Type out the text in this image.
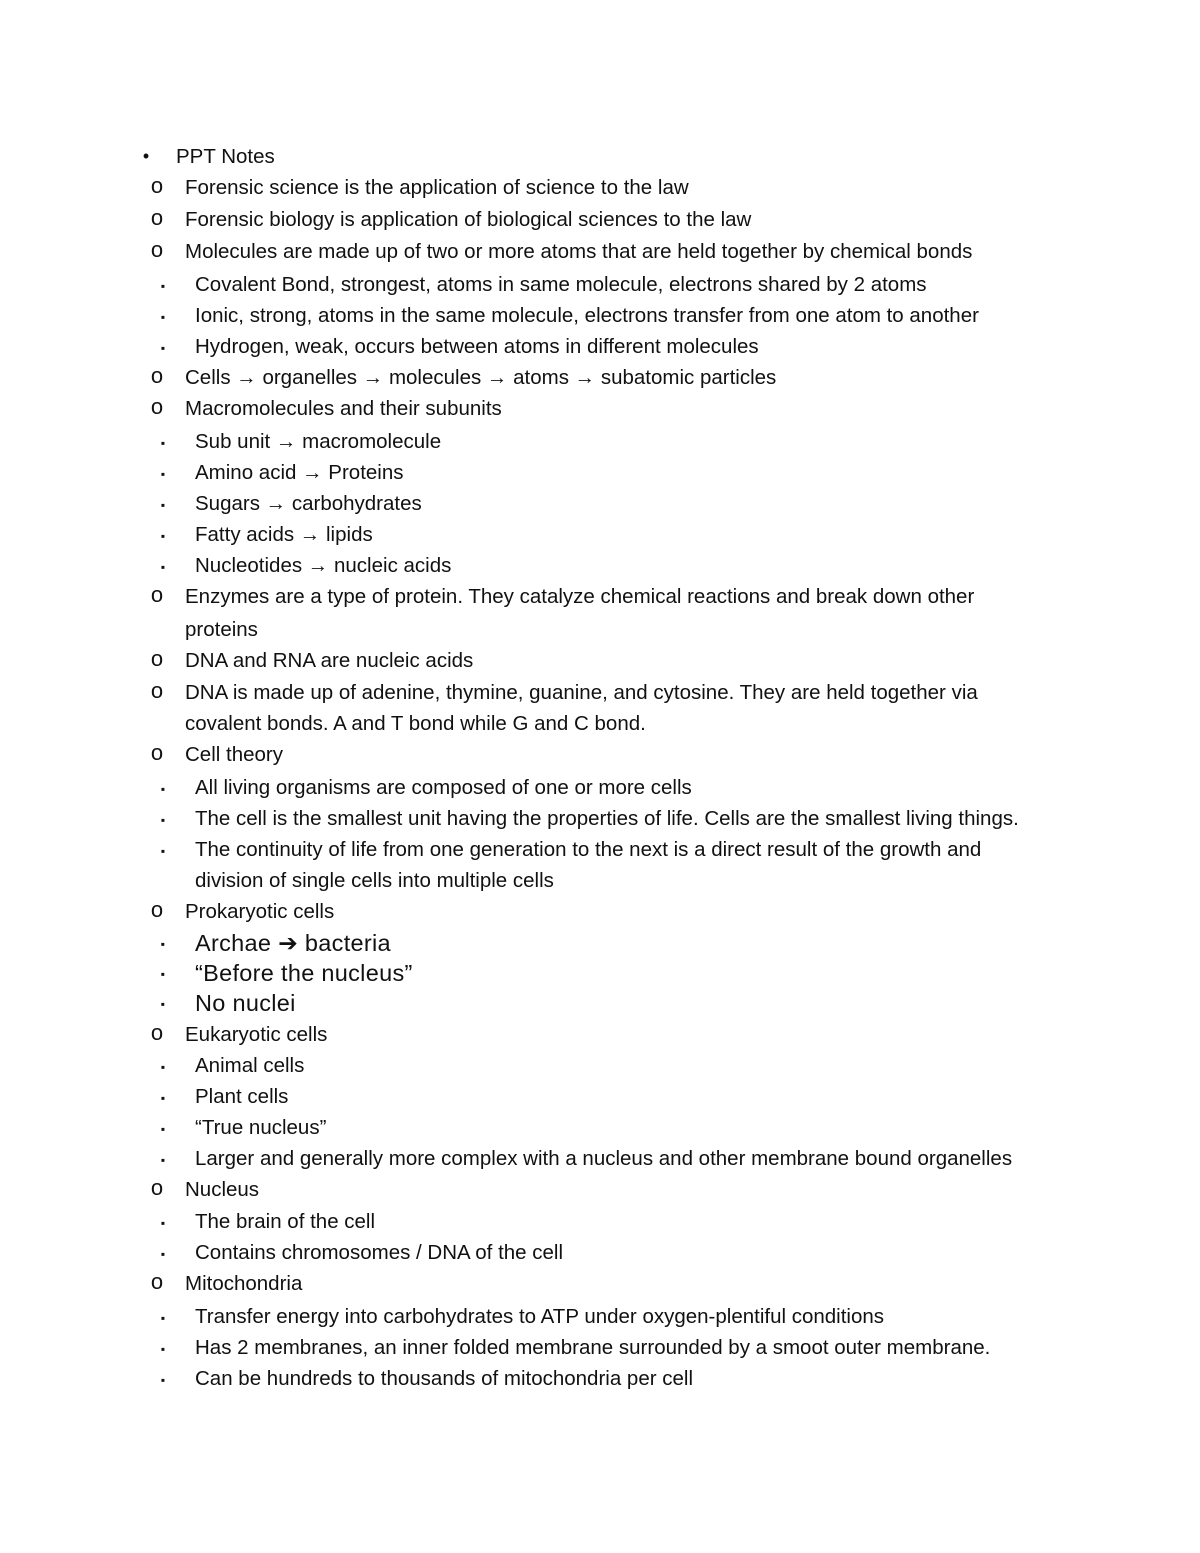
•	PPT Notes
o Forensic science is the application of science to the law
o Forensic biology is application of biological sciences to the law
o Molecules are made up of two or more atoms that are held together by chemical bonds
▪	Covalent Bond, strongest, atoms in same molecule, electrons shared by 2 atoms
▪	Ionic, strong, atoms in the same molecule, electrons transfer from one atom to another
▪	Hydrogen, weak, occurs between atoms in different molecules
o Cells → organelles → molecules → atoms → subatomic particles
o Macromolecules and their subunits
▪	Sub unit → macromolecule
▪	Amino acid → Proteins
▪	Sugars → carbohydrates
▪	Fatty acids → lipids
▪	Nucleotides → nucleic acids
o Enzymes are a type of protein. They catalyze chemical reactions and break down other
proteins
o DNA and RNA are nucleic acids
o DNA is made up of adenine, thymine, guanine, and cytosine. They are held together via
covalent bonds. A and T bond while G and C bond.
o Cell theory
▪	All living organisms are composed of one or more cells
▪	The cell is the smallest unit having the properties of life. Cells are the smallest living things.
▪	The continuity of life from one generation to the next is a direct result of the growth and
division of single cells into multiple cells
o Prokaryotic cells
▪	Archae ➔ bacteria
▪	“Before the nucleus”
▪	No nuclei
o Eukaryotic cells
▪	Animal cells
▪	Plant cells
▪	“True nucleus”
▪	Larger and generally more complex with a nucleus and other membrane bound organelles
o Nucleus
▪	The brain of the cell
▪	Contains chromosomes / DNA of the cell
o Mitochondria
▪	Transfer energy into carbohydrates to ATP under oxygen-plentiful conditions
▪	Has 2 membranes, an inner folded membrane surrounded by a smoot outer membrane.
▪	Can be hundreds to thousands of mitochondria per cell
